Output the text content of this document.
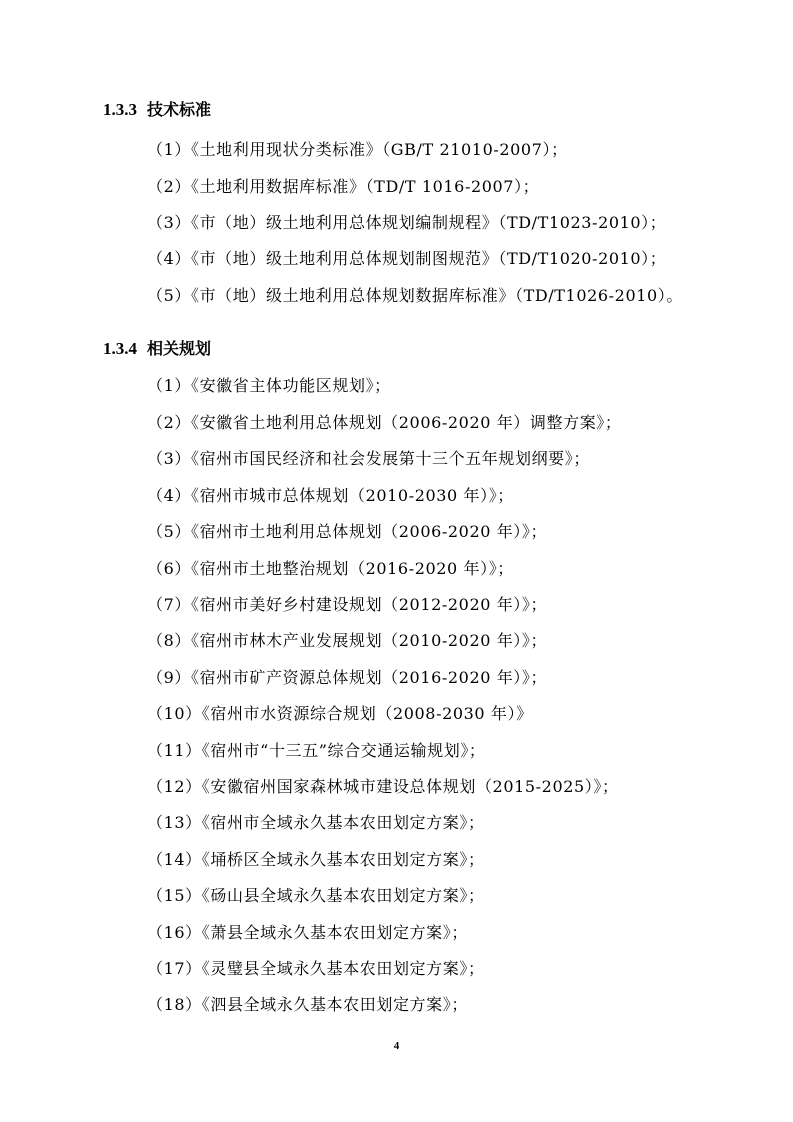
1.3.3 技术标准
（1）《土地利用现状分类标准》（GB/T 21010-2007）；
（2）《土地利用数据库标准》（TD/T 1016-2007）；
（3）《市（地）级土地利用总体规划编制规程》（TD/T1023-2010）；
（4）《市（地）级土地利用总体规划制图规范》（TD/T1020-2010）；
（5）《市（地）级土地利用总体规划数据库标准》（TD/T1026-2010）。
1.3.4 相关规划
（1）《安徽省主体功能区规划》；
（2）《安徽省土地利用总体规划（2006-2020 年）调整方案》；
（3）《宿州市国民经济和社会发展第十三个五年规划纲要》；
（4）《宿州市城市总体规划（2010-2030 年）》；
（5）《宿州市土地利用总体规划（2006-2020 年）》；
（6）《宿州市土地整治规划（2016-2020 年）》；
（7）《宿州市美好乡村建设规划（2012-2020 年）》；
（8）《宿州市林木产业发展规划（2010-2020 年）》；
（9）《宿州市矿产资源总体规划（2016-2020 年）》；
（10）《宿州市水资源综合规划（2008-2030 年）》
（11）《宿州市“十三五”综合交通运输规划》；
（12）《安徽宿州国家森林城市建设总体规划（2015-2025）》；
（13）《宿州市全域永久基本农田划定方案》；
（14）《埇桥区全域永久基本农田划定方案》；
（15）《砀山县全域永久基本农田划定方案》；
（16）《萧县全域永久基本农田划定方案》；
（17）《灵璧县全域永久基本农田划定方案》；
（18）《泗县全域永久基本农田划定方案》；
4
